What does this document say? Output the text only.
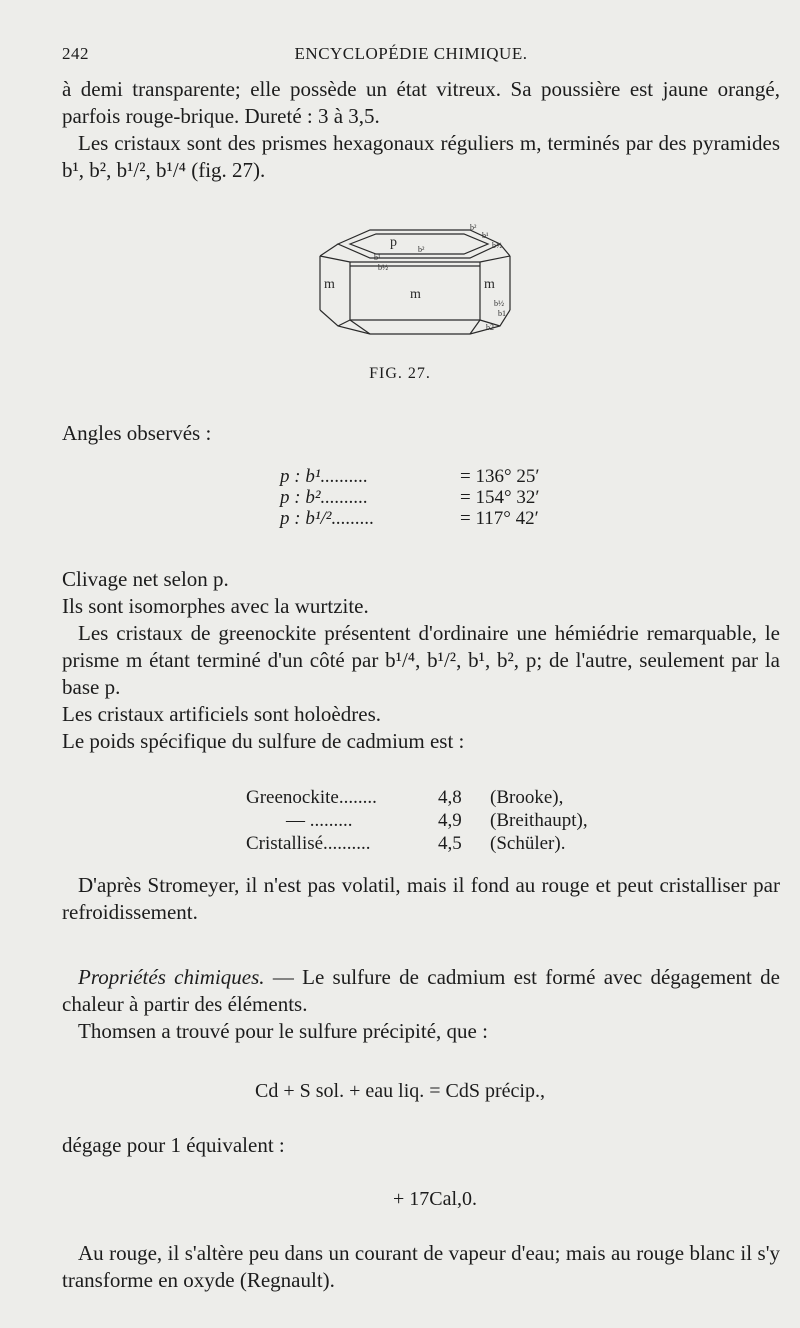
242	ENCYCLOPÉDIE CHIMIQUE.
à demi transparente; elle possède un état vitreux. Sa poussière est jaune orangé, parfois rouge-brique. Dureté : 3 à 3,5.
Les cristaux sont des prismes hexagonaux réguliers m, terminés par des pyramides b¹, b², b¹/², b¹/⁴ (fig. 27).
p	b²
b¹
b½
m
m
m
b²
b¹
b½
b½
b1
b2
FIG. 27.
Angles observés :
p : b¹..........	= 136° 25′
p : b²..........	= 154° 32′
p : b¹/².........	= 117° 42′
Clivage net selon p.
Ils sont isomorphes avec la wurtzite.
Les cristaux de greenockite présentent d'ordinaire une hémiédrie remarquable, le prisme m étant terminé d'un côté par b¹/⁴, b¹/², b¹, b², p; de l'autre, seulement par la base p.
Les cristaux artificiels sont holoèdres.
Le poids spécifique du sulfure de cadmium est :
Greenockite........	4,8	(Brooke),
— .........	4,9	(Breithaupt),
Cristallisé..........	4,5	(Schüler).
D'après Stromeyer, il n'est pas volatil, mais il fond au rouge et peut cristalliser par refroidissement.
Propriétés chimiques. — Le sulfure de cadmium est formé avec dégagement de chaleur à partir des éléments.
Thomsen a trouvé pour le sulfure précipité, que :
Cd + S sol. + eau liq. = CdS précip.,
dégage pour 1 équivalent :
+ 17Cal,0.
Au rouge, il s'altère peu dans un courant de vapeur d'eau; mais au rouge blanc il s'y transforme en oxyde (Regnault).
